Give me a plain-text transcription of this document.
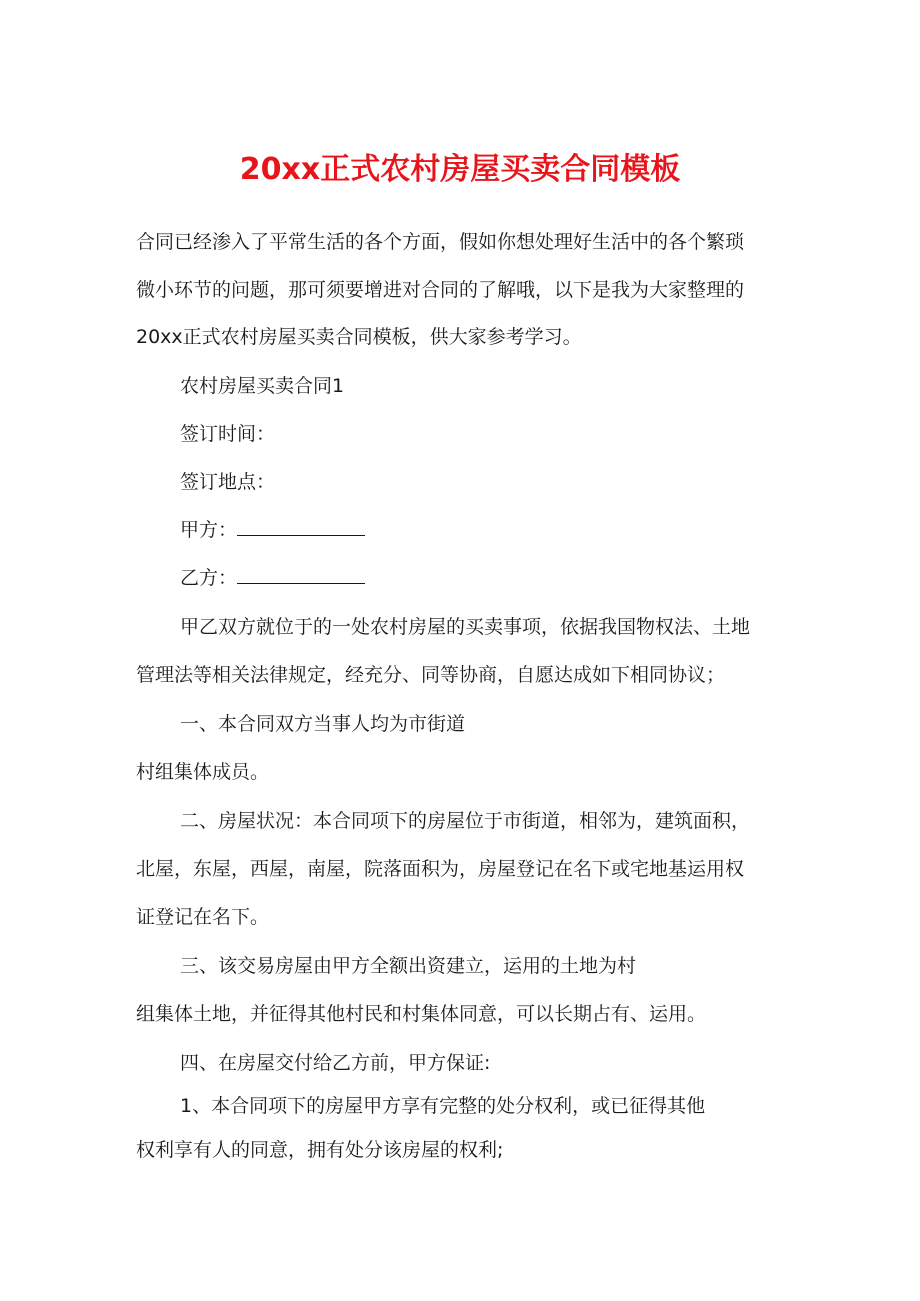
20xx正式农村房屋买卖合同模板
合同已经渗入了平常生活的各个方面，假如你想处理好生活中的各个繁琐
微小环节的问题，那可须要增进对合同的了解哦，以下是我为大家整理的
20xx正式农村房屋买卖合同模板，供大家参考学习。
农村房屋买卖合同1
签订时间：
签订地点：
甲方：
乙方：
甲乙双方就位于的一处农村房屋的买卖事项，依据我国物权法、土地
管理法等相关法律规定，经充分、同等协商，自愿达成如下相同协议；
一、本合同双方当事人均为市街道
村组集体成员。
二、房屋状况：本合同项下的房屋位于市街道，相邻为，建筑面积，
北屋，东屋，西屋，南屋，院落面积为，房屋登记在名下或宅地基运用权
证登记在名下。
三、该交易房屋由甲方全额出资建立，运用的土地为村
组集体土地，并征得其他村民和村集体同意，可以长期占有、运用。
四、在房屋交付给乙方前，甲方保证:
1、本合同项下的房屋甲方享有完整的处分权利，或已征得其他
权利享有人的同意，拥有处分该房屋的权利;
